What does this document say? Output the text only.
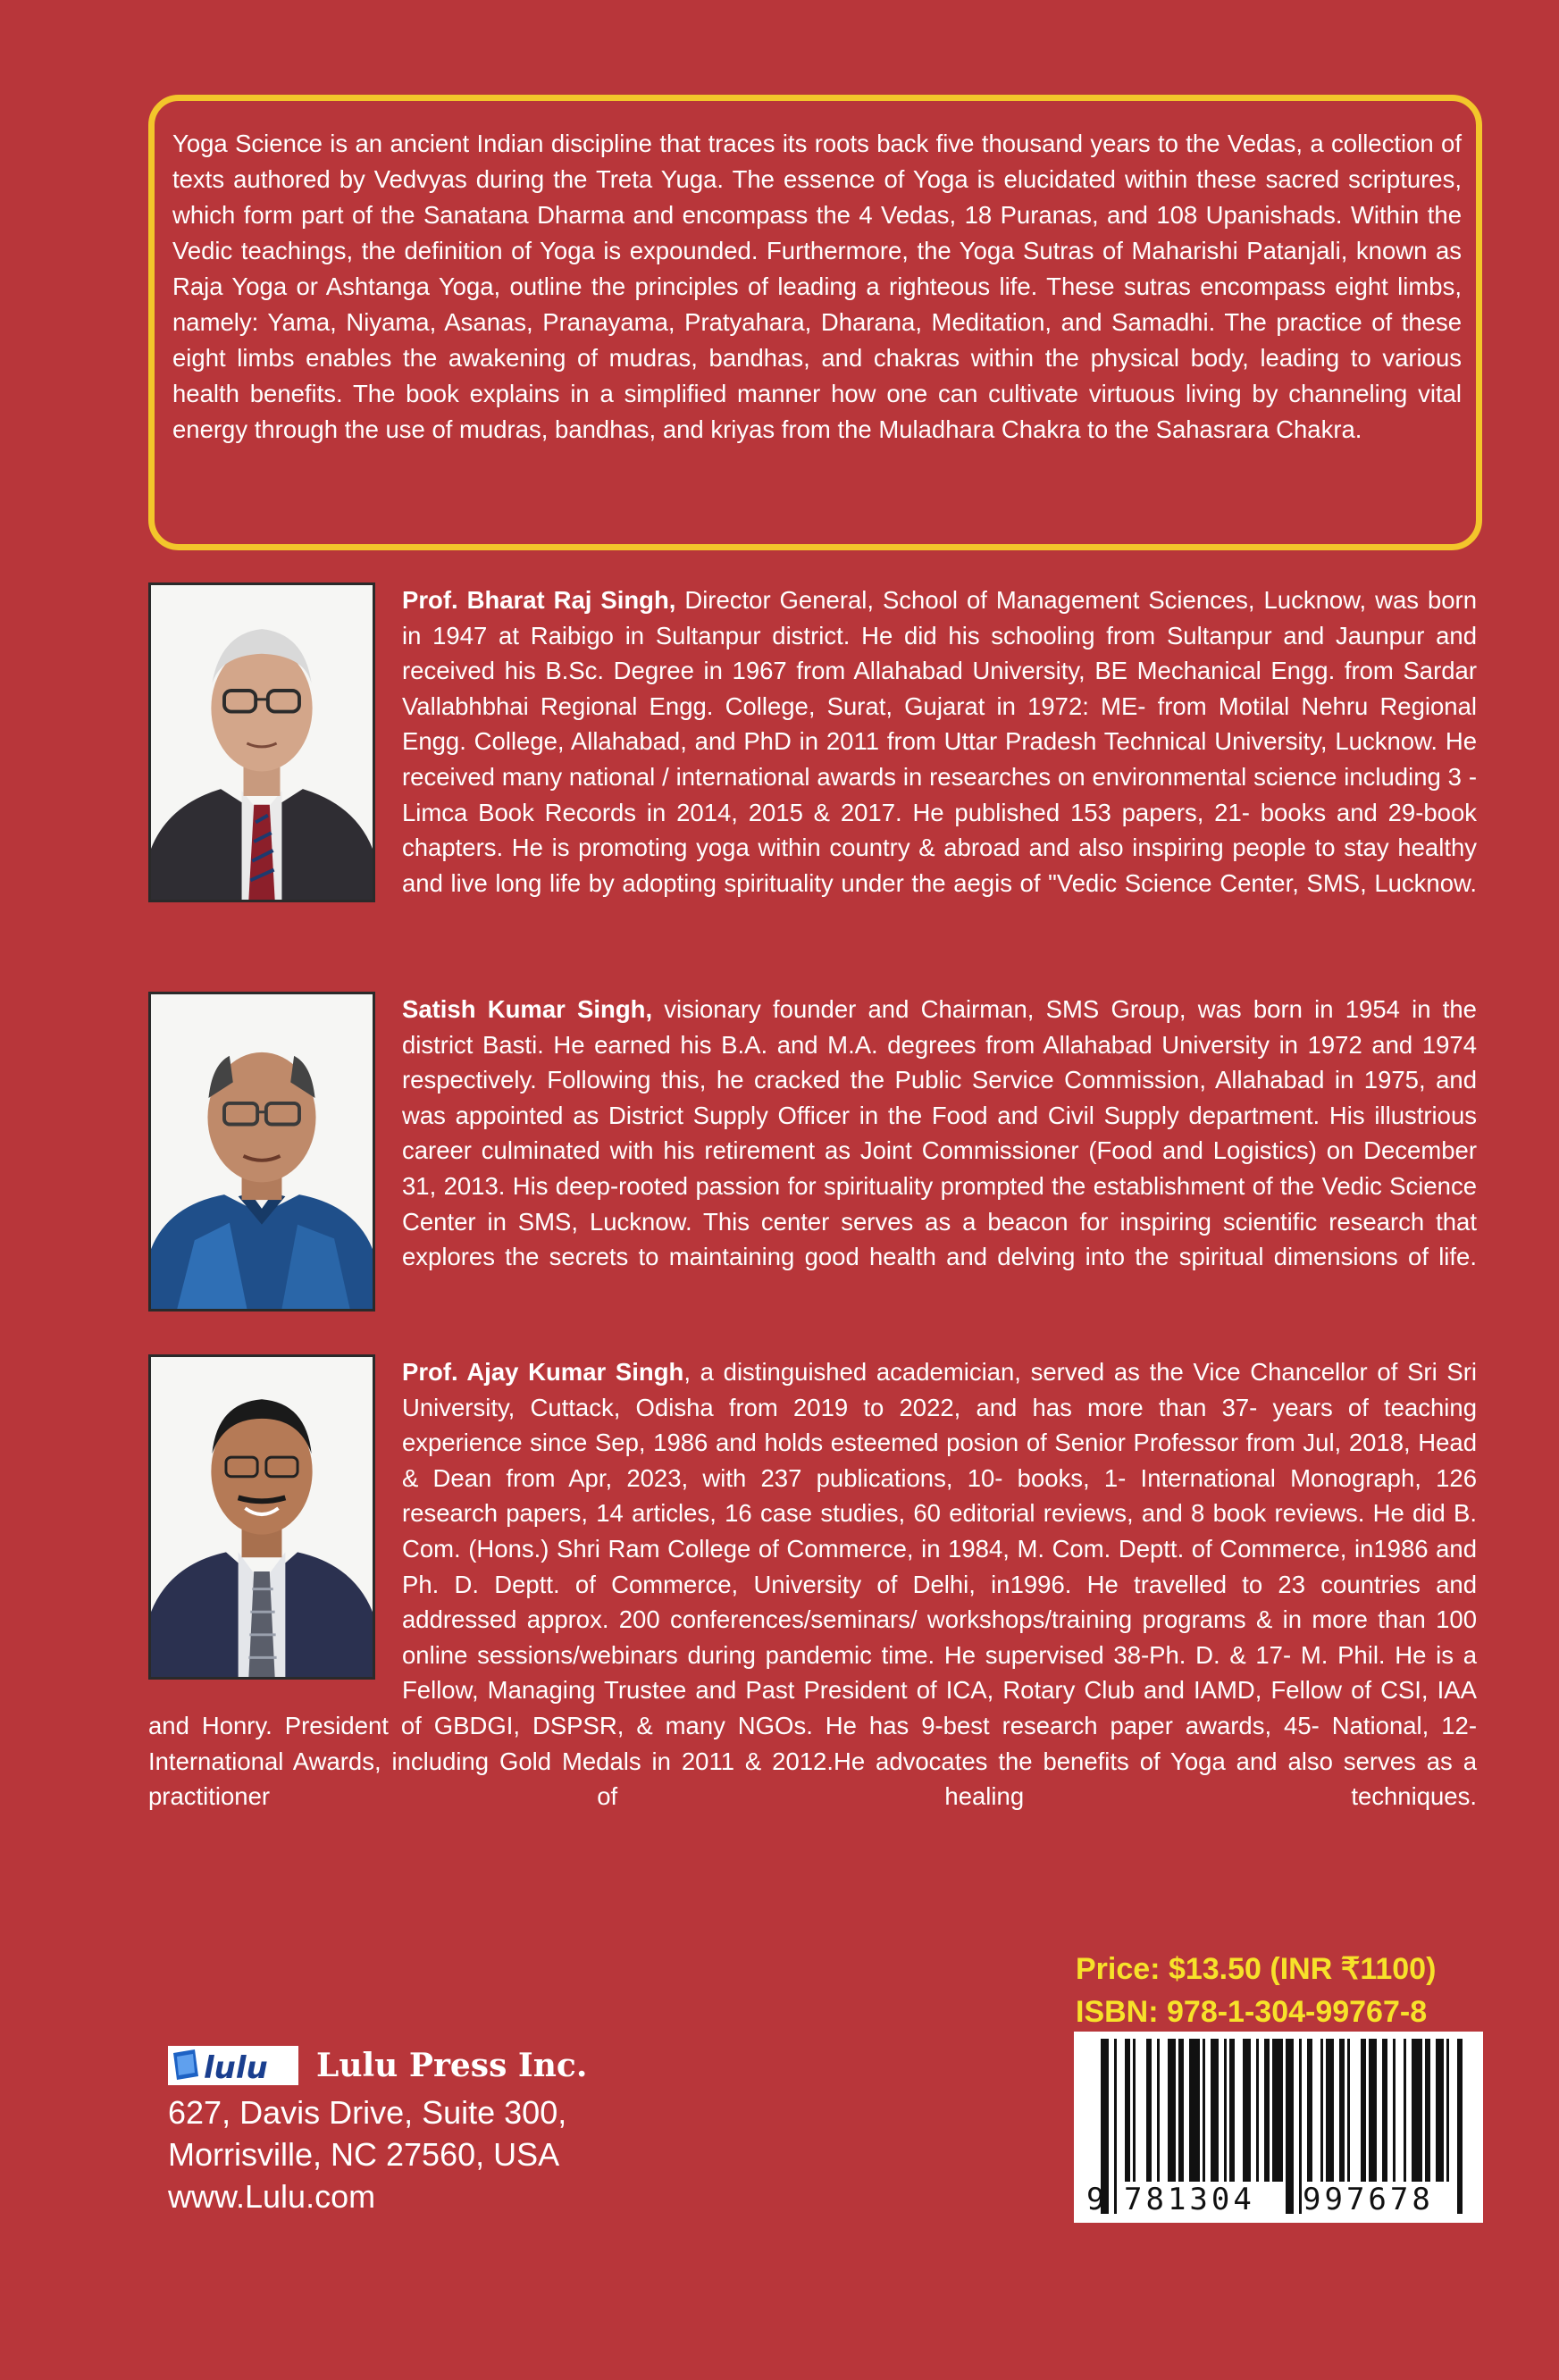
Yoga Science is an ancient Indian discipline that traces its roots back five thousand years to the Vedas, a collection of texts authored by Vedvyas during the Treta Yuga. The essence of Yoga is elucidated within these sacred scriptures, which form part of the Sanatana Dharma and encompass the 4 Vedas, 18 Puranas, and 108 Upanishads. Within the Vedic teachings, the definition of Yoga is expounded. Furthermore, the Yoga Sutras of Maharishi Patanjali, known as Raja Yoga or Ashtanga Yoga, outline the principles of leading a righteous life. These sutras encompass eight limbs, namely: Yama, Niyama, Asanas, Pranayama, Pratyahara, Dharana, Meditation, and Samadhi. The practice of these eight limbs enables the awakening of mudras, bandhas, and chakras within the physical body, leading to various health benefits. The book explains in a simplified manner how one can cultivate virtuous living by channeling vital energy through the use of mudras, bandhas, and kriyas from the Muladhara Chakra to the Sahasrara Chakra.

Prof. Bharat Raj Singh, Director General, School of Management Sciences, Lucknow, was born in 1947 at Raibigo in Sultanpur district. He did his schooling from Sultanpur and Jaunpur and received his B.Sc. Degree in 1967 from Allahabad University, BE Mechanical Engg. from Sardar Vallabhbhai Regional Engg. College, Surat, Gujarat in 1972: ME- from Motilal Nehru Regional Engg. College, Allahabad, and PhD in 2011 from Uttar Pradesh Technical University, Lucknow. He received many national / international awards in researches on environmental science including 3 - Limca Book Records in 2014, 2015 & 2017. He published 153 papers, 21- books and 29-book chapters. He is promoting yoga within country & abroad and also inspiring people to stay healthy and live long life by adopting spirituality under the aegis of "Vedic Science Center, SMS, Lucknow.

Satish Kumar Singh, visionary founder and Chairman, SMS Group, was born in 1954 in the district Basti. He earned his B.A. and M.A. degrees from Allahabad University in 1972 and 1974 respectively. Following this, he cracked the Public Service Commission, Allahabad in 1975, and was appointed as District Supply Officer in the Food and Civil Supply department. His illustrious career culminated with his retirement as Joint Commissioner (Food and Logistics) on December 31, 2013. His deep-rooted passion for spirituality prompted the establishment of the Vedic Science Center in SMS, Lucknow. This center serves as a beacon for inspiring scientific research that explores the secrets to maintaining good health and delving into the spiritual dimensions of life.

Prof. Ajay Kumar Singh, a distinguished academician, served as the Vice Chancellor of Sri Sri University, Cuttack, Odisha from 2019 to 2022, and has more than 37- years of teaching experience since Sep, 1986 and holds esteemed posion of Senior Professor from Jul, 2018, Head & Dean from Apr, 2023, with 237 publications, 10- books, 1- International Monograph, 126 research papers, 14 articles, 16 case studies, 60 editorial reviews, and 8 book reviews. He did B. Com. (Hons.) Shri Ram College of Commerce, in 1984, M. Com. Deptt. of Commerce, in1986 and Ph. D. Deptt. of Commerce, University of Delhi, in1996. He travelled to 23 countries and addressed approx. 200 conferences/seminars/ workshops/training programs & in more than 100 online sessions/webinars during pandemic time. He supervised 38-Ph. D. & 17- M. Phil. He is a Fellow, Managing Trustee and Past President of ICA, Rotary Club and IAMD, Fellow of CSI, IAA and Honry. President of GBDGI, DSPSR, & many NGOs. He has 9-best research paper awards, 45- National, 12- International Awards, including Gold Medals in 2011 & 2012.He advocates the benefits of Yoga and also serves as a practitioner of healing techniques.

lulu Lulu Press Inc.
627, Davis Drive, Suite 300,
Morrisville, NC 27560, USA
www.Lulu.com
Price: $13.50 (INR ₹1100)
ISBN: 978-1-304-99767-8
9 781304 997678
